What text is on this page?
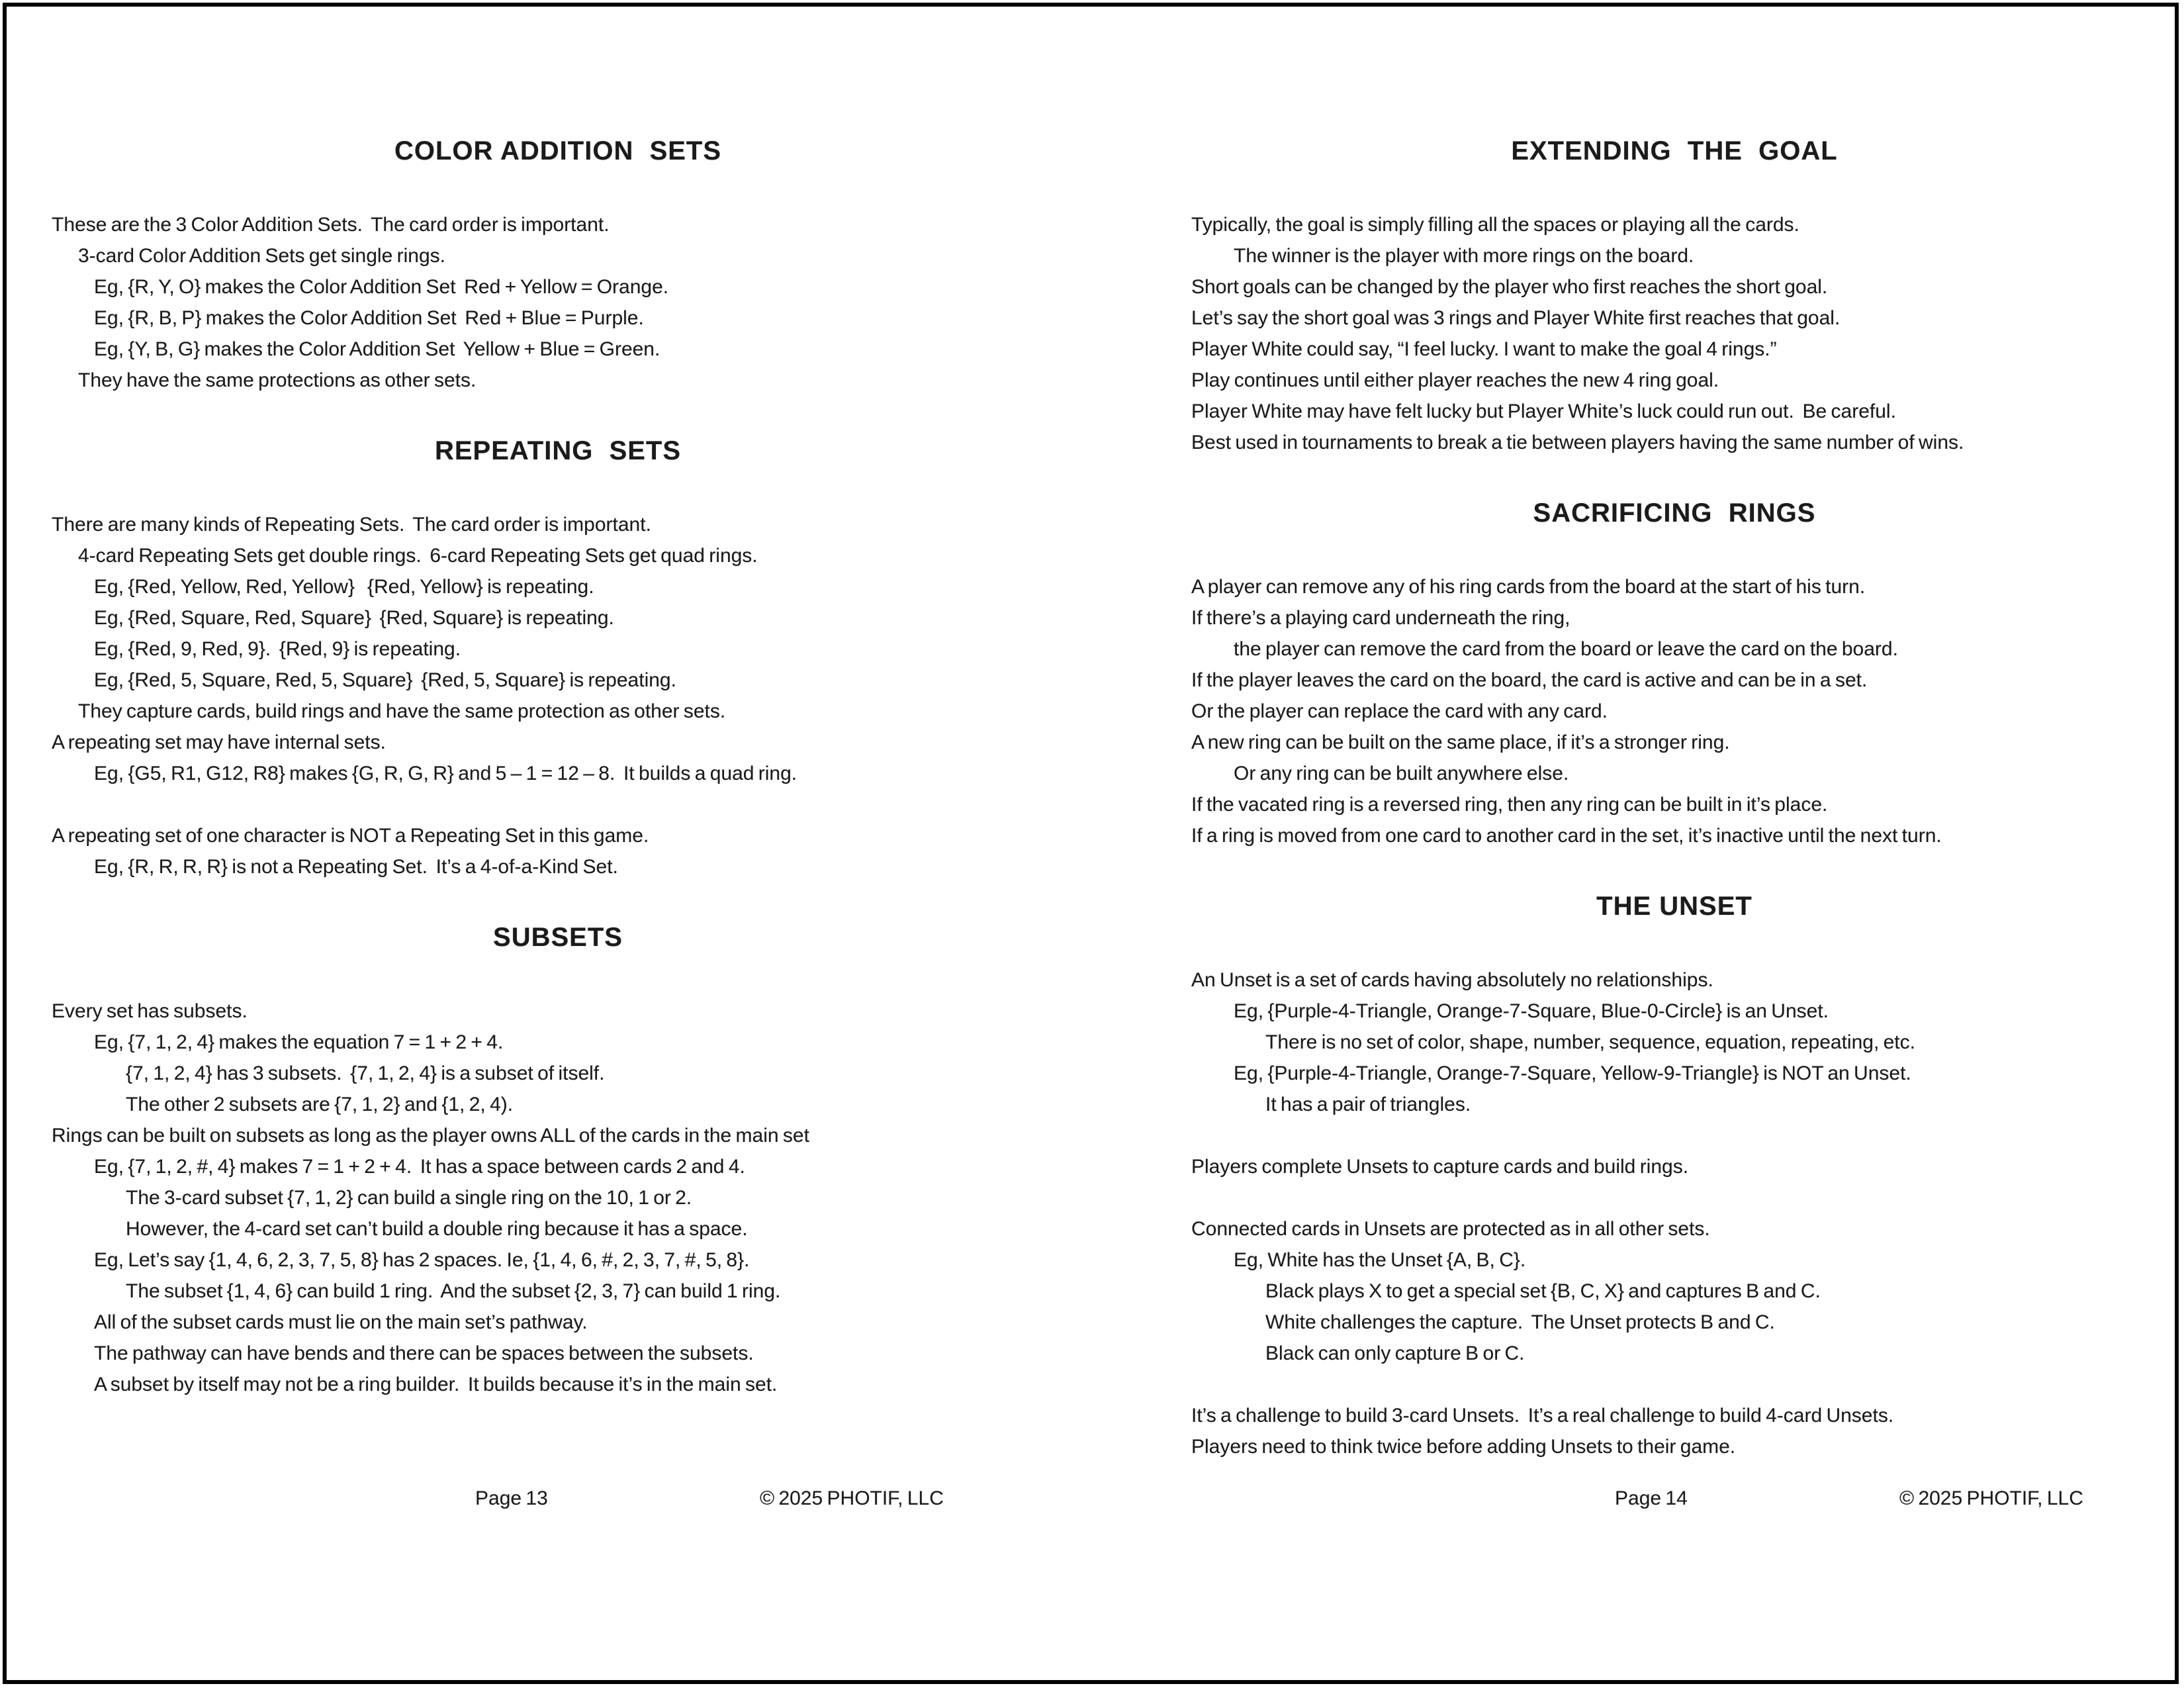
COLOR ADDITION  SETS
These are the 3 Color Addition Sets.  The card order is important.
3-card Color Addition Sets get single rings.
Eg, {R, Y, O} makes the Color Addition Set  Red + Yellow = Orange.
Eg, {R, B, P} makes the Color Addition Set  Red + Blue = Purple.
Eg, {Y, B, G} makes the Color Addition Set  Yellow + Blue = Green.
They have the same protections as other sets.
REPEATING  SETS
There are many kinds of Repeating Sets.  The card order is important.
4-card Repeating Sets get double rings.  6-card Repeating Sets get quad rings.
Eg, {Red, Yellow, Red, Yellow}   {Red, Yellow} is repeating.
Eg, {Red, Square, Red, Square}  {Red, Square} is repeating.
Eg, {Red, 9, Red, 9}.  {Red, 9} is repeating.
Eg, {Red, 5, Square, Red, 5, Square}  {Red, 5, Square} is repeating.
They capture cards, build rings and have the same protection as other sets.
A repeating set may have internal sets.
Eg, {G5, R1, G12, R8} makes {G, R, G, R} and 5 – 1 = 12 – 8.  It builds a quad ring.
A repeating set of one character is NOT a Repeating Set in this game.
Eg, {R, R, R, R} is not a Repeating Set.  It’s a 4-of-a-Kind Set.
SUBSETS
Every set has subsets.
Eg, {7, 1, 2, 4} makes the equation 7 = 1 + 2 + 4.
{7, 1, 2, 4} has 3 subsets.  {7, 1, 2, 4} is a subset of itself.
The other 2 subsets are {7, 1, 2} and {1, 2, 4).
Rings can be built on subsets as long as the player owns ALL of the cards in the main set
Eg, {7, 1, 2, #, 4} makes 7 = 1 + 2 + 4.  It has a space between cards 2 and 4.
The 3-card subset {7, 1, 2} can build a single ring on the 10, 1 or 2.
However, the 4-card set can’t build a double ring because it has a space.
Eg, Let’s say {1, 4, 6, 2, 3, 7, 5, 8} has 2 spaces. Ie, {1, 4, 6, #, 2, 3, 7, #, 5, 8}.
The subset {1, 4, 6} can build 1 ring.  And the subset {2, 3, 7} can build 1 ring.
All of the subset cards must lie on the main set’s pathway.
The pathway can have bends and there can be spaces between the subsets.
A subset by itself may not be a ring builder.  It builds because it’s in the main set.
Page 13	© 2025 PHOTIF, LLC
EXTENDING  THE  GOAL
Typically, the goal is simply filling all the spaces or playing all the cards.
The winner is the player with more rings on the board.
Short goals can be changed by the player who first reaches the short goal.
Let’s say the short goal was 3 rings and Player White first reaches that goal.
Player White could say, “I feel lucky. I want to make the goal 4 rings.”
Play continues until either player reaches the new 4 ring goal.
Player White may have felt lucky but Player White’s luck could run out.  Be careful.
Best used in tournaments to break a tie between players having the same number of wins.
SACRIFICING  RINGS
A player can remove any of his ring cards from the board at the start of his turn.
If there’s a playing card underneath the ring,
the player can remove the card from the board or leave the card on the board.
If the player leaves the card on the board, the card is active and can be in a set.
Or the player can replace the card with any card.
A new ring can be built on the same place, if it’s a stronger ring.
Or any ring can be built anywhere else.
If the vacated ring is a reversed ring, then any ring can be built in it’s place.
If a ring is moved from one card to another card in the set, it’s inactive until the next turn.
THE UNSET
An Unset is a set of cards having absolutely no relationships.
Eg, {Purple-4-Triangle, Orange-7-Square, Blue-0-Circle} is an Unset.
There is no set of color, shape, number, sequence, equation, repeating, etc.
Eg, {Purple-4-Triangle, Orange-7-Square, Yellow-9-Triangle} is NOT an Unset.
It has a pair of triangles.
Players complete Unsets to capture cards and build rings.
Connected cards in Unsets are protected as in all other sets.
Eg, White has the Unset {A, B, C}.
Black plays X to get a special set {B, C, X} and captures B and C.
White challenges the capture.  The Unset protects B and C.
Black can only capture B or C.
It’s a challenge to build 3-card Unsets.  It’s a real challenge to build 4-card Unsets.
Players need to think twice before adding Unsets to their game.
Page 14	© 2025 PHOTIF, LLC
